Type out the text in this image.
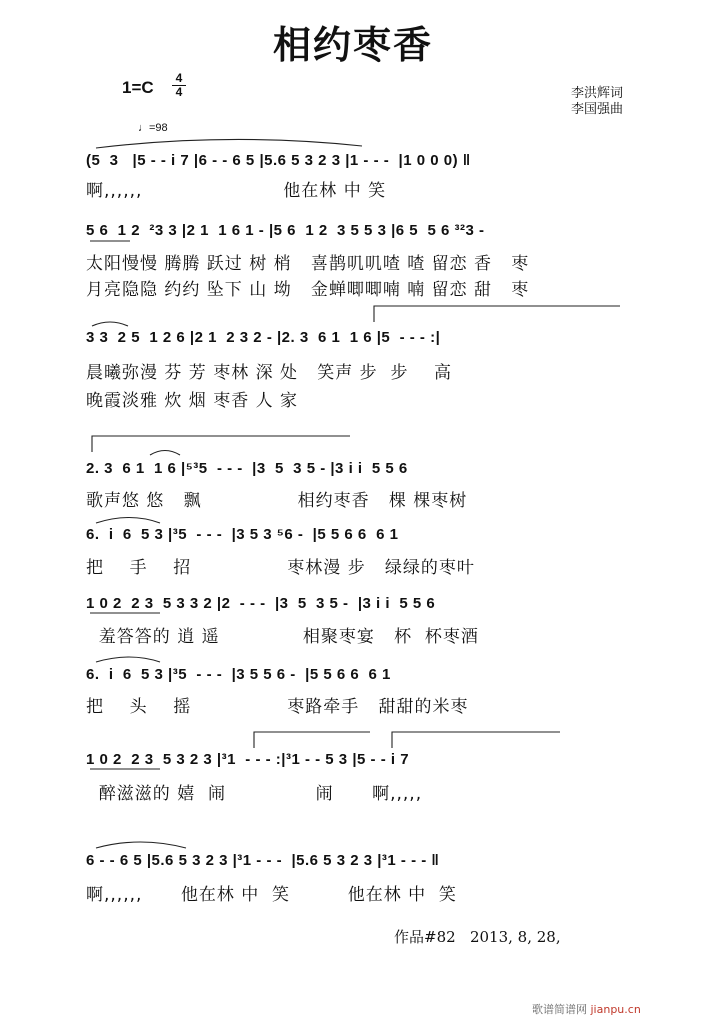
相约枣香
1=C	4
4
♩=98
李洪辉词
李国强曲
(5  3   |5 - - i 7 |6 - - 6 5 |5.6 5 3 2 3 |1 - - -  |1 0 0 0) ‖
啊,,,,,,                      他在林 中 笑
5 6  1 2  ²3 3 |2 1  1 6 1 - |5 6  1 2  3 5 5 3 |6 5  5 6 ³²3 -
太阳慢慢 腾腾 跃过 树 梢   喜鹊叽叽喳 喳 留恋 香   枣
月亮隐隐 约约 坠下 山 坳   金蝉唧唧喃 喃 留恋 甜   枣
3 3  2 5  1 2 6 |2 1  2 3 2 - |2. 3  6 1  1 6 |5  - - - :|
晨曦弥漫 芬 芳 枣林 深 处   笑声 步  步    高
晚霞淡雅 炊 烟 枣香 人 家
2. 3  6 1  1 6 |⁵³5  - - -  |3  5  3 5 - |3 i i  5 5 6
歌声悠 悠   飘               相约枣香   棵 棵枣树
6.  i  6  5 3 |³5  - - -  |3 5 3 ⁵6 -  |5 5 6 6  6 1
把    手    招               枣林漫 步   绿绿的枣叶
1 0 2  2 3  5 3 3 2 |2  - - -  |3  5  3 5 -  |3 i i  5 5 6
羞答答的 逍 遥             相聚枣宴   杯  杯枣酒
6.  i  6  5 3 |³5  - - -  |3 5 5 6 -  |5 5 6 6  6 1
把    头    摇               枣路牵手   甜甜的米枣
1 0 2  2 3  5 3 2 3 |³1  - - - :|³1 - - 5 3 |5 - - i 7
醉滋滋的 嬉  闹              闹      啊,,,,,
6 - - 6 5 |5.6 5 3 2 3 |³1 - - -  |5.6 5 3 2 3 |³1 - - - ‖
啊,,,,,,      他在林 中  笑         他在林 中  笑
作品#82 2013, 8, 28,
歌谱简谱网 jianpu.cn
